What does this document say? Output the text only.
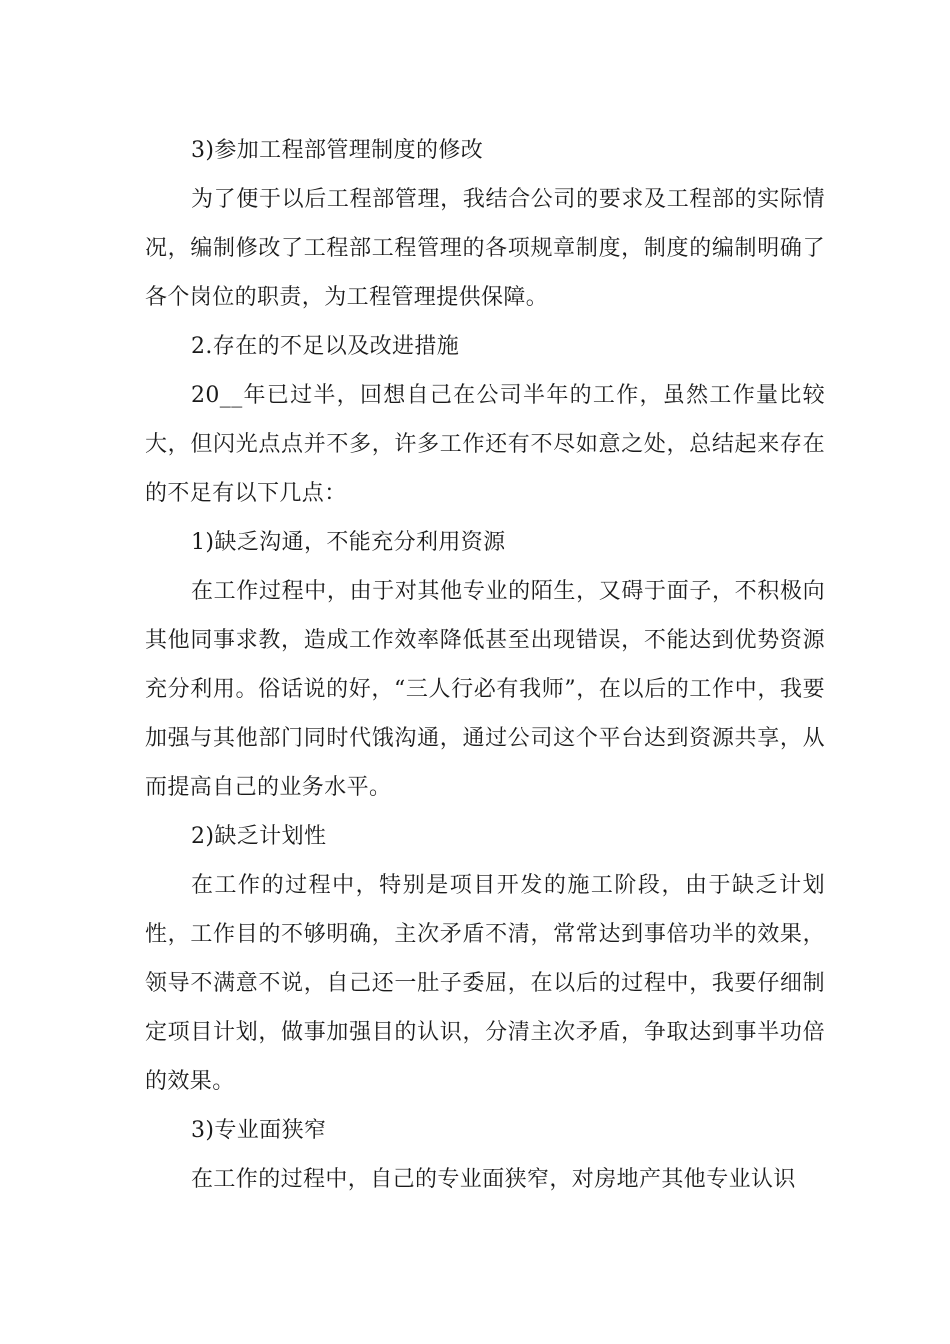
3)参加工程部管理制度的修改

为了便于以后工程部管理，我结合公司的要求及工程部的实际情况，编制修改了工程部工程管理的各项规章制度，制度的编制明确了各个岗位的职责，为工程管理提供保障。

2.存在的不足以及改进措施

20__年已过半，回想自己在公司半年的工作，虽然工作量比较大，但闪光点点并不多，许多工作还有不尽如意之处，总结起来存在的不足有以下几点：

1)缺乏沟通，不能充分利用资源

在工作过程中，由于对其他专业的陌生，又碍于面子，不积极向其他同事求教，造成工作效率降低甚至出现错误，不能达到优势资源充分利用。俗话说的好，“三人行必有我师”，在以后的工作中，我要加强与其他部门同时代饿沟通，通过公司这个平台达到资源共享，从而提高自己的业务水平。

2)缺乏计划性

在工作的过程中，特别是项目开发的施工阶段，由于缺乏计划性，工作目的不够明确，主次矛盾不清，常常达到事倍功半的效果，领导不满意不说，自己还一肚子委屈，在以后的过程中，我要仔细制定项目计划，做事加强目的认识，分清主次矛盾，争取达到事半功倍的效果。

3)专业面狭窄

在工作的过程中，自己的专业面狭窄，对房地产其他专业认识
